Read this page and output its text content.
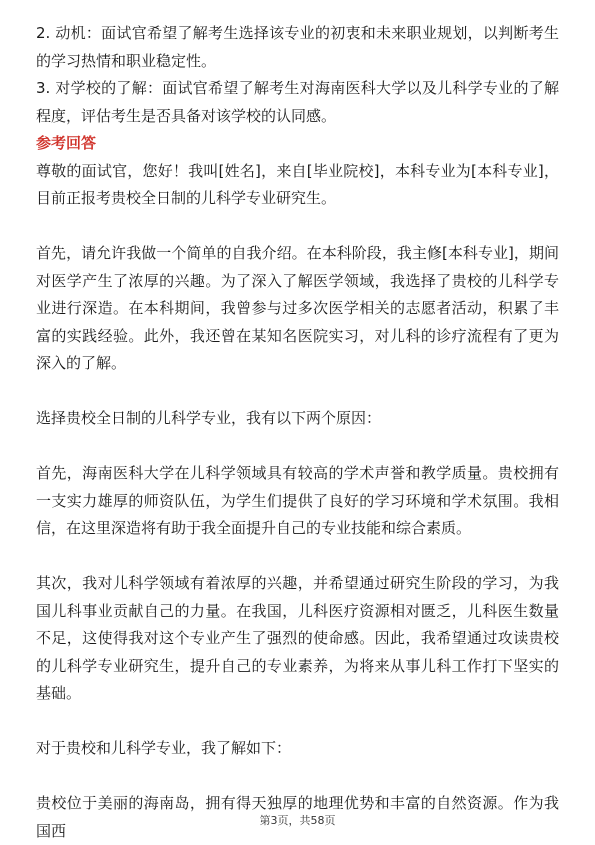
2. 动机：面试官希望了解考生选择该专业的初衷和未来职业规划，以判断考生的学习热情和职业稳定性。

3. 对学校的了解：面试官希望了解考生对海南医科大学以及儿科学专业的了解程度，评估考生是否具备对该学校的认同感。

参考回答

尊敬的面试官，您好！我叫[姓名]，来自[毕业院校]，本科专业为[本科专业]，目前正报考贵校全日制的儿科学专业研究生。

首先，请允许我做一个简单的自我介绍。在本科阶段，我主修[本科专业]，期间对医学产生了浓厚的兴趣。为了深入了解医学领域，我选择了贵校的儿科学专业进行深造。在本科期间，我曾参与过多次医学相关的志愿者活动，积累了丰富的实践经验。此外，我还曾在某知名医院实习，对儿科的诊疗流程有了更为深入的了解。

选择贵校全日制的儿科学专业，我有以下两个原因：

首先，海南医科大学在儿科学领域具有较高的学术声誉和教学质量。贵校拥有一支实力雄厚的师资队伍，为学生们提供了良好的学习环境和学术氛围。我相信，在这里深造将有助于我全面提升自己的专业技能和综合素质。

其次，我对儿科学领域有着浓厚的兴趣，并希望通过研究生阶段的学习，为我国儿科事业贡献自己的力量。在我国，儿科医疗资源相对匮乏，儿科医生数量不足，这使得我对这个专业产生了强烈的使命感。因此，我希望通过攻读贵校的儿科学专业研究生，提升自己的专业素养，为将来从事儿科工作打下坚实的基础。

对于贵校和儿科学专业，我了解如下：

贵校位于美丽的海南岛，拥有得天独厚的地理优势和丰富的自然资源。作为我国西

第3页，共58页
